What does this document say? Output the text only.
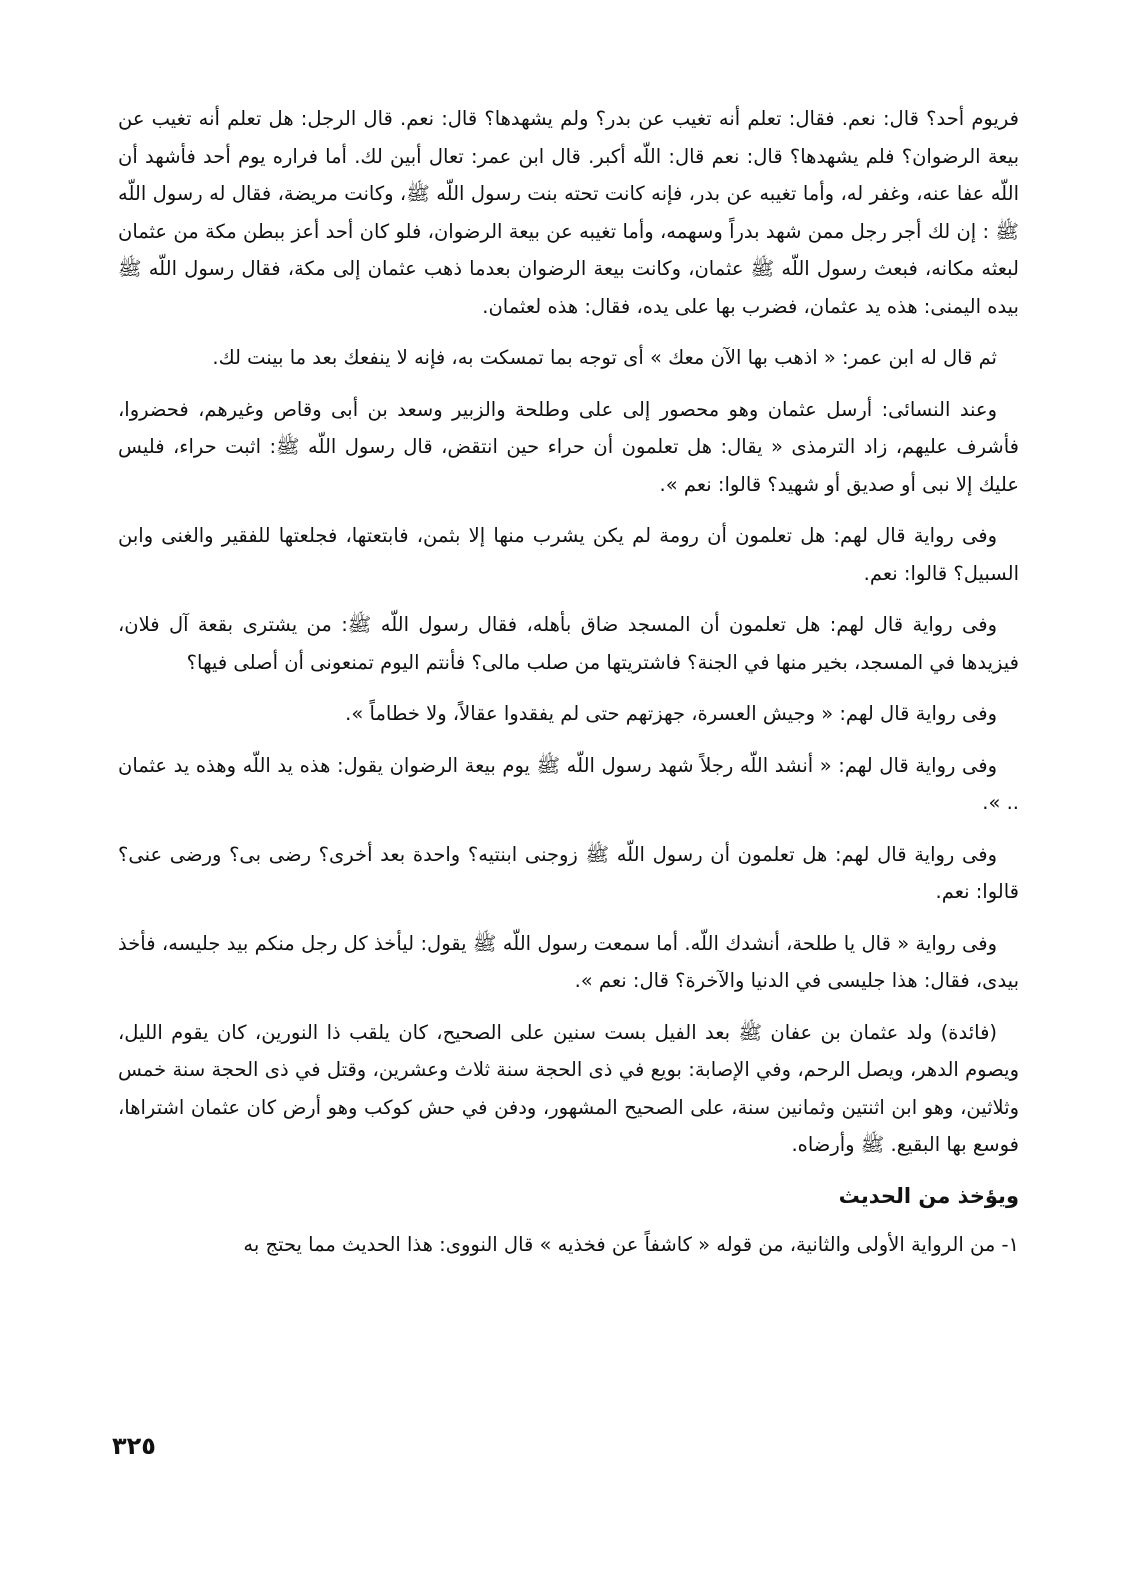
فريوم أحد؟ قال: نعم. فقال: تعلم أنه تغيب عن بدر؟ ولم يشهدها؟ قال: نعم. قال الرجل: هل تعلم أنه تغيب عن بيعة الرضوان؟ فلم يشهدها؟ قال: نعم قال: اللّه أكبر. قال ابن عمر: تعال أبين لك. أما فراره يوم أحد فأشهد أن اللّه عفا عنه، وغفر له، وأما تغيبه عن بدر، فإنه كانت تحته بنت رسول اللّه ﷺ، وكانت مريضة، فقال له رسول اللّه ﷺ : إن لك أجر رجل ممن شهد بدراً وسهمه، وأما تغيبه عن بيعة الرضوان، فلو كان أحد أعز ببطن مكة من عثمان لبعثه مكانه، فبعث رسول اللّه ﷺ عثمان، وكانت بيعة الرضوان بعدما ذهب عثمان إلى مكة، فقال رسول اللّه ﷺ بيده اليمنى: هذه يد عثمان، فضرب بها على يده، فقال: هذه لعثمان.

ثم قال له ابن عمر: « اذهب بها الآن معك » أى توجه بما تمسكت به، فإنه لا ينفعك بعد ما بينت لك.

وعند النسائى: أرسل عثمان وهو محصور إلى على وطلحة والزبير وسعد بن أبى وقاص وغيرهم، فحضروا، فأشرف عليهم، زاد الترمذى « يقال: هل تعلمون أن حراء حين انتقض، قال رسول اللّه ﷺ: اثبت حراء، فليس عليك إلا نبى أو صديق أو شهيد؟ قالوا: نعم ».

وفى رواية قال لهم: هل تعلمون أن رومة لم يكن يشرب منها إلا بثمن، فابتعتها، فجلعتها للفقير والغنى وابن السبيل؟ قالوا: نعم.

وفى رواية قال لهم: هل تعلمون أن المسجد ضاق بأهله، فقال رسول اللّه ﷺ: من يشترى بقعة آل فلان، فيزيدها في المسجد، بخير منها في الجنة؟ فاشتريتها من صلب مالى؟ فأنتم اليوم تمنعونى أن أصلى فيها؟

وفى رواية قال لهم: « وجيش العسرة، جهزتهم حتى لم يفقدوا عقالاً، ولا خطاماً ».

وفى رواية قال لهم: « أنشد اللّه رجلاً شهد رسول اللّه ﷺ يوم بيعة الرضوان يقول: هذه يد اللّه وهذه يد عثمان .. ».

وفى رواية قال لهم: هل تعلمون أن رسول اللّه ﷺ زوجنى ابنتيه؟ واحدة بعد أخرى؟ رضى بى؟ ورضى عنى؟ قالوا: نعم.

وفى رواية « قال يا طلحة، أنشدك اللّه. أما سمعت رسول اللّه ﷺ يقول: ليأخذ كل رجل منكم بيد جليسه، فأخذ بيدى، فقال: هذا جليسى في الدنيا والآخرة؟ قال: نعم ».

(فائدة) ولد عثمان بن عفان ﷺ بعد الفيل بست سنين على الصحيح، كان يلقب ذا النورين، كان يقوم الليل، ويصوم الدهر، ويصل الرحم، وفي الإصابة: بويع في ذى الحجة سنة ثلاث وعشرين، وقتل في ذى الحجة سنة خمس وثلاثين، وهو ابن اثنتين وثمانين سنة، على الصحيح المشهور، ودفن في حش كوكب وهو أرض كان عثمان اشتراها، فوسع بها البقيع. ﷺ وأرضاه.

ويؤخذ من الحديث

١- من الرواية الأولى والثانية، من قوله « كاشفاً عن فخذيه » قال النووى: هذا الحديث مما يحتج به

٣٢٥
